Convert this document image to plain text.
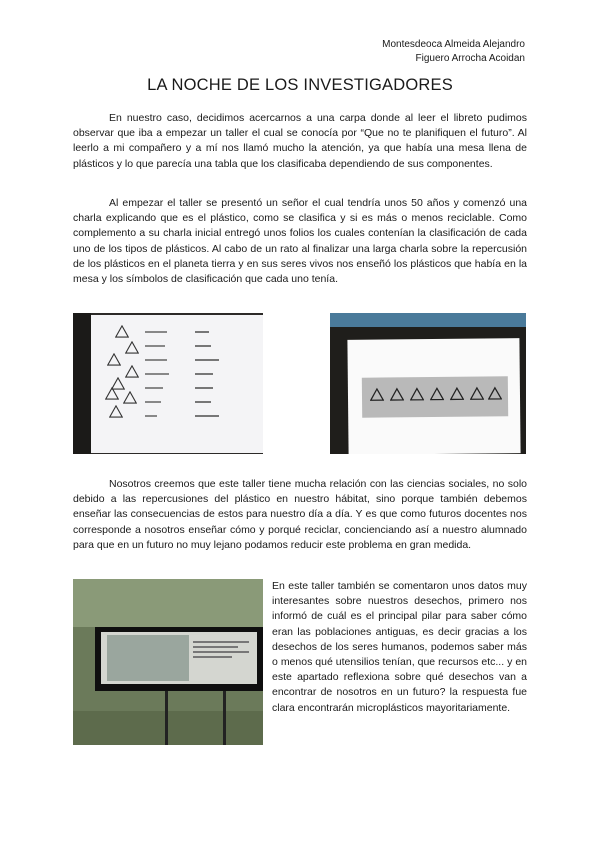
Montesdeoca Almeida Alejandro
Figuero Arrocha Acoidan
LA NOCHE DE LOS INVESTIGADORES

En nuestro caso, decidimos acercarnos a una carpa donde al leer el libreto pudimos observar que iba a empezar un taller el cual se conocía por “Que no te planifiquen el futuro”. Al leerlo a mi compañero y a mí nos llamó mucho la atención, ya que había una mesa llena de plásticos y lo que parecía una tabla que los clasificaba dependiendo de sus componentes.

Al empezar el taller se presentó un señor el cual tendría unos 50 años y comenzó una charla explicando que es el plástico, como se clasifica y si es más o menos reciclable. Como complemento a su charla inicial entregó unos folios los cuales contenían la clasificación de cada uno de los tipos de plásticos. Al cabo de un rato al finalizar una larga charla sobre la repercusión de los plásticos en el planeta tierra y en sus seres vivos nos enseñó los plásticos que había en la mesa y los símbolos de clasificación que cada uno tenía.

Nosotros creemos que este taller tiene mucha relación con las ciencias sociales, no solo debido a las repercusiones del plástico en nuestro hábitat, sino porque también debemos enseñar las consecuencias de estos para nuestro día a día. Y es que como futuros docentes nos corresponde a nosotros enseñar cómo y porqué reciclar, concienciando así a nuestro alumnado para que en un futuro no muy lejano podamos reducir este problema en gran medida.

En este taller también se comentaron unos datos muy interesantes sobre nuestros desechos, primero nos informó de cuál es el principal pilar para saber cómo eran las poblaciones antiguas, es decir gracias a los desechos de los seres humanos, podemos saber más o menos qué utensilios tenían, que recursos etc... y en este apartado reflexiona sobre qué desechos van a encontrar de nosotros en un futuro? la respuesta fue clara encontrarán microplásticos mayoritariamente.
